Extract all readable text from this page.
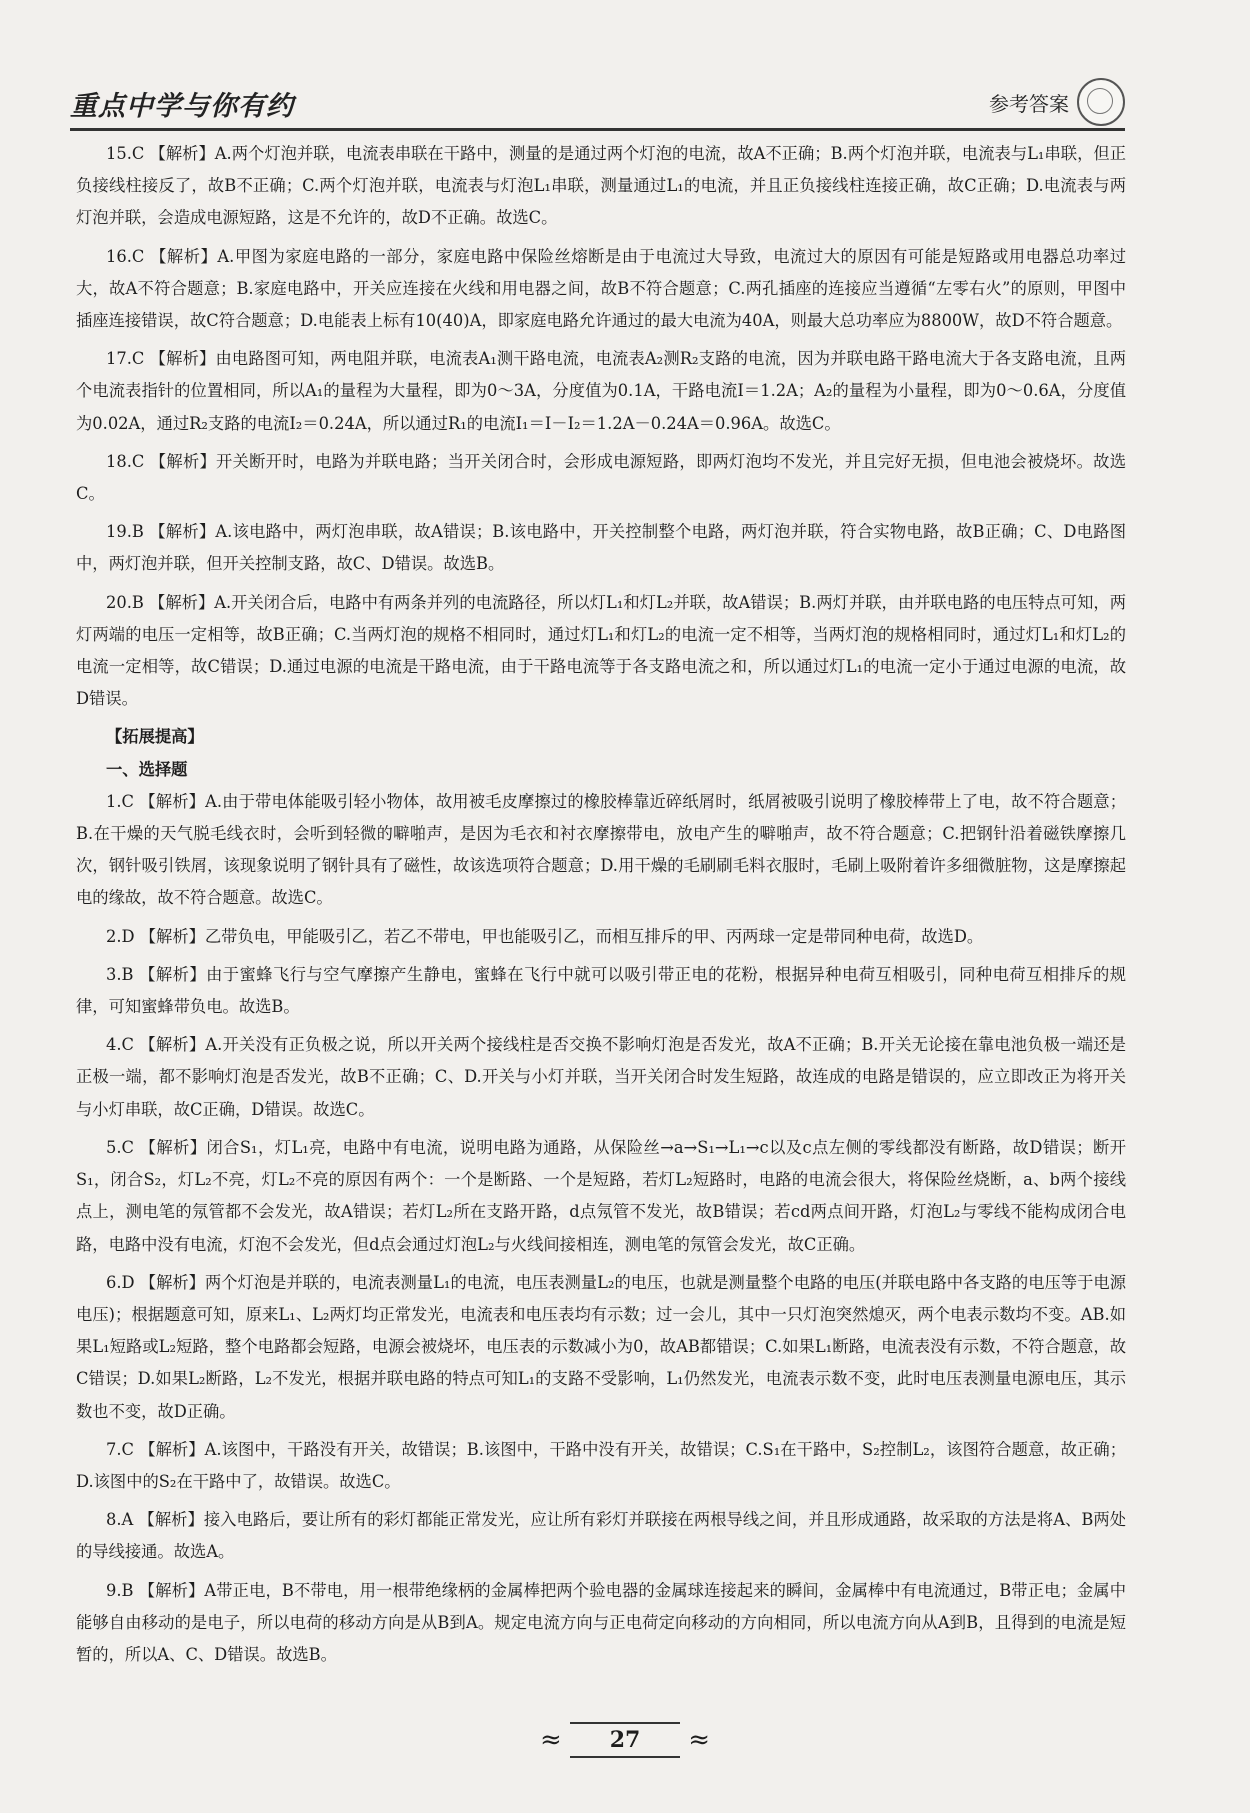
重点中学与你有约	参考答案

15.C 【解析】A.两个灯泡并联，电流表串联在干路中，测量的是通过两个灯泡的电流，故A不正确；B.两个灯泡并联，电流表与L₁串联，但正负接线柱接反了，故B不正确；C.两个灯泡并联，电流表与灯泡L₁串联，测量通过L₁的电流，并且正负接线柱连接正确，故C正确；D.电流表与两灯泡并联，会造成电源短路，这是不允许的，故D不正确。故选C。

16.C 【解析】A.甲图为家庭电路的一部分，家庭电路中保险丝熔断是由于电流过大导致，电流过大的原因有可能是短路或用电器总功率过大，故A不符合题意；B.家庭电路中，开关应连接在火线和用电器之间，故B不符合题意；C.两孔插座的连接应当遵循“左零右火”的原则，甲图中插座连接错误，故C符合题意；D.电能表上标有10(40)A，即家庭电路允许通过的最大电流为40A，则最大总功率应为8800W，故D不符合题意。

17.C 【解析】由电路图可知，两电阻并联，电流表A₁测干路电流，电流表A₂测R₂支路的电流，因为并联电路干路电流大于各支路电流，且两个电流表指针的位置相同，所以A₁的量程为大量程，即为0～3A，分度值为0.1A，干路电流I＝1.2A；A₂的量程为小量程，即为0～0.6A，分度值为0.02A，通过R₂支路的电流I₂＝0.24A，所以通过R₁的电流I₁＝I－I₂＝1.2A－0.24A＝0.96A。故选C。

18.C 【解析】开关断开时，电路为并联电路；当开关闭合时，会形成电源短路，即两灯泡均不发光，并且完好无损，但电池会被烧坏。故选C。

19.B 【解析】A.该电路中，两灯泡串联，故A错误；B.该电路中，开关控制整个电路，两灯泡并联，符合实物电路，故B正确；C、D电路图中，两灯泡并联，但开关控制支路，故C、D错误。故选B。

20.B 【解析】A.开关闭合后，电路中有两条并列的电流路径，所以灯L₁和灯L₂并联，故A错误；B.两灯并联，由并联电路的电压特点可知，两灯两端的电压一定相等，故B正确；C.当两灯泡的规格不相同时，通过灯L₁和灯L₂的电流一定不相等，当两灯泡的规格相同时，通过灯L₁和灯L₂的电流一定相等，故C错误；D.通过电源的电流是干路电流，由于干路电流等于各支路电流之和，所以通过灯L₁的电流一定小于通过电源的电流，故D错误。

【拓展提高】

一、选择题

1.C 【解析】A.由于带电体能吸引轻小物体，故用被毛皮摩擦过的橡胶棒靠近碎纸屑时，纸屑被吸引说明了橡胶棒带上了电，故不符合题意；B.在干燥的天气脱毛线衣时，会听到轻微的噼啪声，是因为毛衣和衬衣摩擦带电，放电产生的噼啪声，故不符合题意；C.把钢针沿着磁铁摩擦几次，钢针吸引铁屑，该现象说明了钢针具有了磁性，故该选项符合题意；D.用干燥的毛刷刷毛料衣服时，毛刷上吸附着许多细微脏物，这是摩擦起电的缘故，故不符合题意。故选C。

2.D 【解析】乙带负电，甲能吸引乙，若乙不带电，甲也能吸引乙，而相互排斥的甲、丙两球一定是带同种电荷，故选D。

3.B 【解析】由于蜜蜂飞行与空气摩擦产生静电，蜜蜂在飞行中就可以吸引带正电的花粉，根据异种电荷互相吸引，同种电荷互相排斥的规律，可知蜜蜂带负电。故选B。

4.C 【解析】A.开关没有正负极之说，所以开关两个接线柱是否交换不影响灯泡是否发光，故A不正确；B.开关无论接在靠电池负极一端还是正极一端，都不影响灯泡是否发光，故B不正确；C、D.开关与小灯并联，当开关闭合时发生短路，故连成的电路是错误的，应立即改正为将开关与小灯串联，故C正确，D错误。故选C。

5.C 【解析】闭合S₁，灯L₁亮，电路中有电流，说明电路为通路，从保险丝→a→S₁→L₁→c以及c点左侧的零线都没有断路，故D错误；断开S₁，闭合S₂，灯L₂不亮，灯L₂不亮的原因有两个：一个是断路、一个是短路，若灯L₂短路时，电路的电流会很大，将保险丝烧断，a、b两个接线点上，测电笔的氖管都不会发光，故A错误；若灯L₂所在支路开路，d点氖管不发光，故B错误；若cd两点间开路，灯泡L₂与零线不能构成闭合电路，电路中没有电流，灯泡不会发光，但d点会通过灯泡L₂与火线间接相连，测电笔的氖管会发光，故C正确。

6.D 【解析】两个灯泡是并联的，电流表测量L₁的电流，电压表测量L₂的电压，也就是测量整个电路的电压(并联电路中各支路的电压等于电源电压)；根据题意可知，原来L₁、L₂两灯均正常发光，电流表和电压表均有示数；过一会儿，其中一只灯泡突然熄灭，两个电表示数均不变。AB.如果L₁短路或L₂短路，整个电路都会短路，电源会被烧坏，电压表的示数减小为0，故AB都错误；C.如果L₁断路，电流表没有示数，不符合题意，故C错误；D.如果L₂断路，L₂不发光，根据并联电路的特点可知L₁的支路不受影响，L₁仍然发光，电流表示数不变，此时电压表测量电源电压，其示数也不变，故D正确。

7.C 【解析】A.该图中，干路没有开关，故错误；B.该图中，干路中没有开关，故错误；C.S₁在干路中，S₂控制L₂，该图符合题意，故正确；D.该图中的S₂在干路中了，故错误。故选C。

8.A 【解析】接入电路后，要让所有的彩灯都能正常发光，应让所有彩灯并联接在两根导线之间，并且形成通路，故采取的方法是将A、B两处的导线接通。故选A。

9.B 【解析】A带正电，B不带电，用一根带绝缘柄的金属棒把两个验电器的金属球连接起来的瞬间，金属棒中有电流通过，B带正电；金属中能够自由移动的是电子，所以电荷的移动方向是从B到A。规定电流方向与正电荷定向移动的方向相同，所以电流方向从A到B，且得到的电流是短暂的，所以A、C、D错误。故选B。

≈ 27 ≈
